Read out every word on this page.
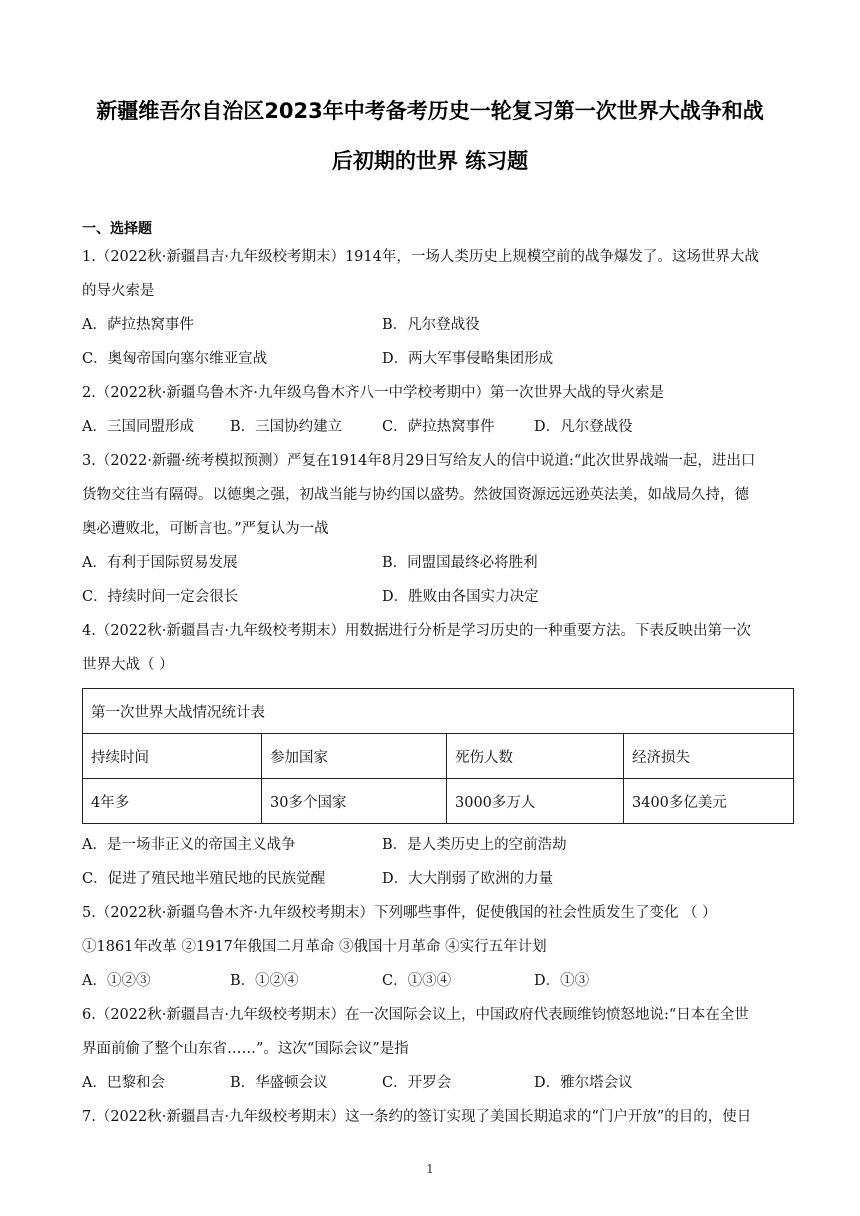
新疆维吾尔自治区2023年中考备考历史一轮复习第一次世界大战争和战
后初期的世界 练习题
一、选择题
1.（2022秋·新疆昌吉·九年级校考期末）1914年，一场人类历史上规模空前的战争爆发了。这场世界大战
的导火索是
A．萨拉热窝事件	B．凡尔登战役
C．奥匈帝国向塞尔维亚宣战	D．两大军事侵略集团形成
2.（2022秋·新疆乌鲁木齐·九年级乌鲁木齐八一中学校考期中）第一次世界大战的导火索是
A．三国同盟形成	B．三国协约建立	C．萨拉热窝事件	D．凡尔登战役
3.（2022·新疆·统考模拟预测）严复在1914年8月29日写给友人的信中说道:“此次世界战端一起，进出口
货物交往当有隔碍。以德奥之强，初战当能与协约国以盛势。然彼国资源远远逊英法美，如战局久持，德
奥必遭败北，可断言也。”严复认为一战
A．有利于国际贸易发展	B．同盟国最终必将胜利
C．持续时间一定会很长	D．胜败由各国实力决定
4.（2022秋·新疆昌吉·九年级校考期末）用数据进行分析是学习历史的一种重要方法。下表反映出第一次
世界大战（ ）
第一次世界大战情况统计表			
持续时间	参加国家	死伤人数	经济损失
4年多	30多个国家	3000多万人	3400多亿美元
A．是一场非正义的帝国主义战争	B．是人类历史上的空前浩劫
C．促进了殖民地半殖民地的民族觉醒	D．大大削弱了欧洲的力量
5.（2022秋·新疆乌鲁木齐·九年级校考期末）下列哪些事件，促使俄国的社会性质发生了变化 （ ）
①1861年改革 ②1917年俄国二月革命 ③俄国十月革命 ④实行五年计划
A．①②③	B．①②④	C．①③④	D．①③
6.（2022秋·新疆昌吉·九年级校考期末）在一次国际会议上，中国政府代表顾维钧愤怒地说:“日本在全世
界面前偷了整个山东省……”。这次“国际会议”是指
A．巴黎和会	B．华盛顿会议	C．开罗会	D．雅尔塔会议
7.（2022秋·新疆昌吉·九年级校考期末）这一条约的签订实现了美国长期追求的“门户开放”的目的，使日
1
